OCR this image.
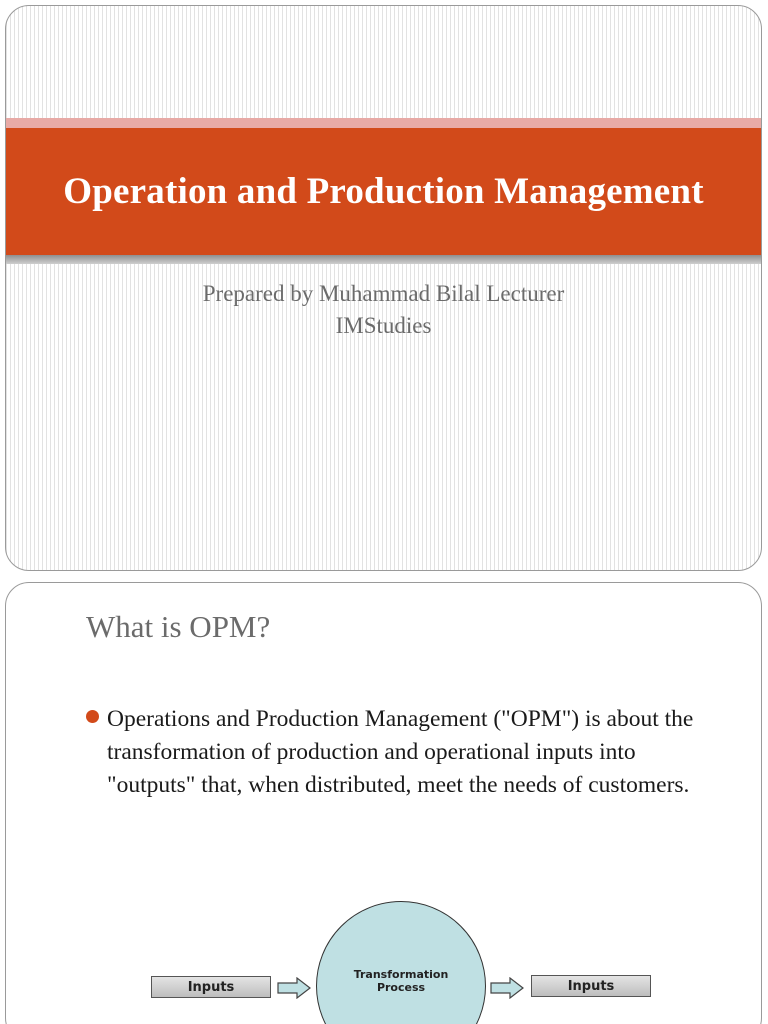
Operation and Production Management
Prepared by Muhammad Bilal Lecturer
IMStudies
What is OPM?
Operations and Production Management ("OPM") is about the transformation of production and operational inputs into "outputs" that, when distributed, meet the needs of customers.
Inputs
Transformation
Process	Inputs
